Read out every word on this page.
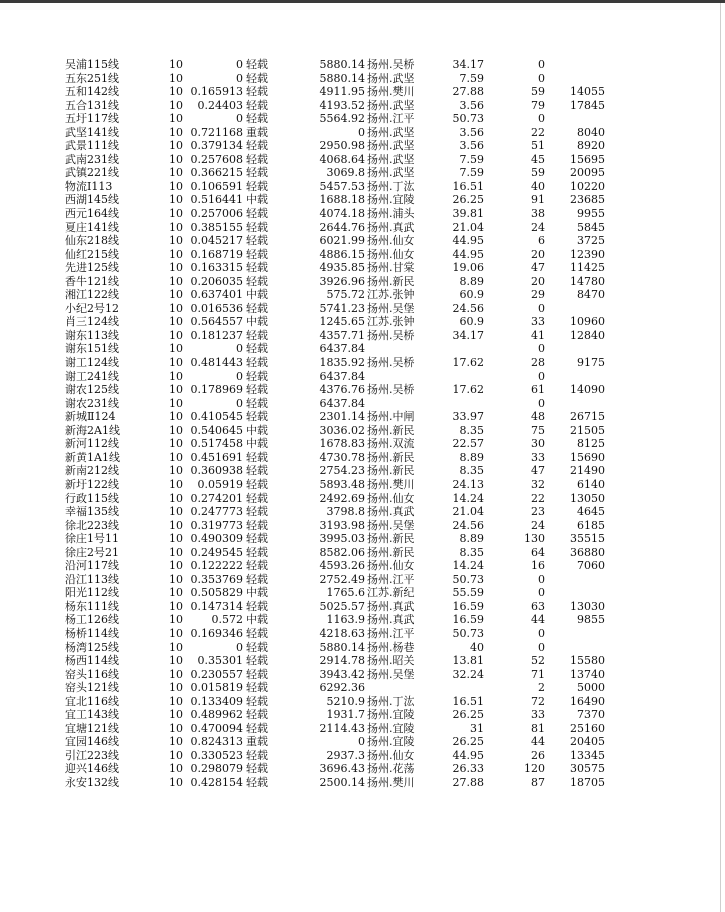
吴浦115线	10	0 轻载	5880.14 扬州.吴桥	34.17	0
五东251线	10	0 轻载	5880.14 扬州.武坚	7.59	0
五和142线	10 0.165913 轻载	4911.95 扬州.樊川	27.88	59	14055
五合131线	10	0.24403 轻载	4193.52 扬州.武坚	3.56	79	17845
五圩117线	10	0 轻载	5564.92 扬州.江平	50.73	0
武坚141线	10 0.721168 重载	0 扬州.武坚	3.56	22	8040
武景111线	10 0.379134 轻载	2950.98 扬州.武坚	3.56	51	8920
武南231线	10 0.257608 轻载	4068.64 扬州.武坚	7.59	45	15695
武镇221线	10 0.366215 轻载	3069.8 扬州.武坚	7.59	59	20095
物流Ⅰ113	10 0.106591 轻载	5457.53 扬州.丁汯	16.51	40	10220
西湖145线	10 0.516441 中载	1688.18 扬州.宜陵	26.25	91	23685
西元164线	10 0.257006 轻载	4074.18 扬州.浦头	39.81	38	9955
夏庄141线	10 0.385155 轻载	2644.76 扬州.真武	21.04	24	5845
仙东218线	10 0.045217 轻载	6021.99 扬州.仙女	44.95	6	3725
仙红215线	10 0.168719 轻载	4886.15 扬州.仙女	44.95	20	12390
先进125线	10 0.163315 轻载	4935.85 扬州.甘棠	19.06	47	11425
香牛121线	10 0.206035 轻载	3926.96 扬州.新民	8.89	20	14780
湘江122线	10 0.637401 中载	575.72 江苏.张钟	60.9	29	8470
小纪2号12	10 0.016536 轻载	5741.23 扬州.吴堡	24.56	0
肖三124线	10 0.564557 中载	1245.65 江苏.张钟	60.9	33	10960
谢东113线	10 0.181237 轻载	4357.71 扬州.吴桥	34.17	41	12840
谢东151线	10	0 轻载	6437.84	0
谢工124线	10 0.481443 轻载	1835.92 扬州.吴桥	17.62	28	9175
谢工241线	10	0 轻载	6437.84	0
谢农125线	10 0.178969 轻载	4376.76 扬州.吴桥	17.62	61	14090
谢农231线	10	0 轻载	6437.84	0
新城Ⅱ124	10 0.410545 轻载	2301.14 扬州.中闸	33.97	48	26715
新海2A1线	10 0.540645 中载	3036.02 扬州.新民	8.35	75	21505
新河112线	10 0.517458 中载	1678.83 扬州.双流	22.57	30	8125
新黄1A1线	10 0.451691 轻载	4730.78 扬州.新民	8.89	33	15690
新南212线	10 0.360938 轻载	2754.23 扬州.新民	8.35	47	21490
新圩122线	10	0.05919 轻载	5893.48 扬州.樊川	24.13	32	6140
行政115线	10 0.274201 轻载	2492.69 扬州.仙女	14.24	22	13050
幸福135线	10 0.247773 轻载	3798.8 扬州.真武	21.04	23	4645
徐北223线	10 0.319773 轻载	3193.98 扬州.吴堡	24.56	24	6185
徐庄1号11	10 0.490309 轻载	3995.03 扬州.新民	8.89	130	35515
徐庄2号21	10 0.249545 轻载	8582.06 扬州.新民	8.35	64	36880
沿河117线	10 0.122222 轻载	4593.26 扬州.仙女	14.24	16	7060
沿江113线	10 0.353769 轻载	2752.49 扬州.江平	50.73	0
阳光112线	10 0.505829 中载	1765.6 江苏.新纪	55.59	0
杨东111线	10 0.147314 轻载	5025.57 扬州.真武	16.59	63	13030
杨工126线	10	0.572 中载	1163.9 扬州.真武	16.59	44	9855
杨桥114线	10 0.169346 轻载	4218.63 扬州.江平	50.73	0
杨湾125线	10	0 轻载	5880.14 扬州.杨巷	40	0
杨西114线	10	0.35301 轻载	2914.78 扬州.昭关	13.81	52	15580
窑头116线	10 0.230557 轻载	3943.42 扬州.吴堡	32.24	71	13740
窑头121线	10 0.015819 轻载	6292.36	2	5000
宜北116线	10 0.133409 轻载	5210.9 扬州.丁汯	16.51	72	16490
宜工143线	10 0.489962 轻载	1931.7 扬州.宜陵	26.25	33	7370
宜塘121线	10 0.470094 轻载	2114.43 扬州.宜陵	31	81	25160
宜园146线	10 0.824313 重载	0 扬州.宜陵	26.25	44	20405
引江223线	10 0.330523 轻载	2937.3 扬州.仙女	44.95	26	13345
迎兴146线	10 0.298079 轻载	3696.43 扬州.花荡	26.33	120	30575
永安132线	10 0.428154 轻载	2500.14 扬州.樊川	27.88	87	18705
